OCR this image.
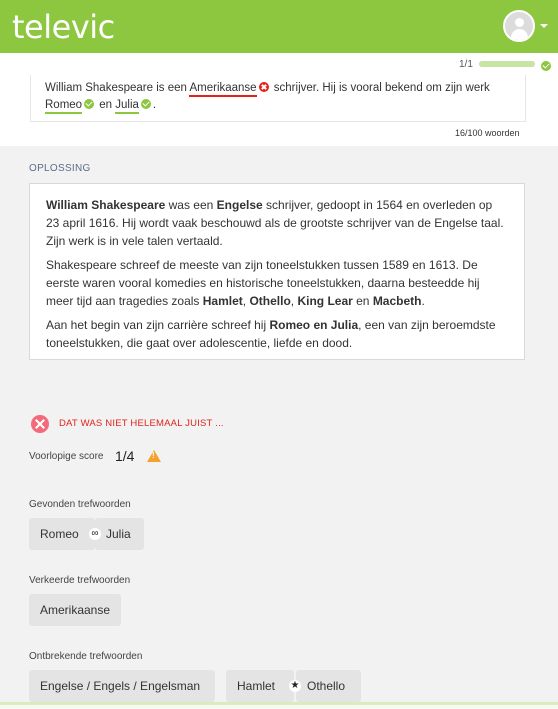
televic
1/1
William Shakespeare is een Amerikaanse schrijver. Hij is vooral bekend om zijn werk
Romeo en Julia .
16/100 woorden
OPLOSSING

William Shakespeare was een Engelse schrijver, gedoopt in 1564 en overleden op 23 april 1616. Hij wordt vaak beschouwd als de grootste schrijver van de Engelse taal. Zijn werk is in vele talen vertaald.

Shakespeare schreef de meeste van zijn toneelstukken tussen 1589 en 1613. De eerste waren vooral komedies en historische toneelstukken, daarna besteedde hij meer tijd aan tragedies zoals Hamlet, Othello, King Lear en Macbeth.

Aan het begin van zijn carrière schreef hij Romeo en Julia, een van zijn beroemdste toneelstukken, die gaat over adolescentie, liefde en dood.

DAT WAS NIET HELEMAAL JUIST ...
Voorlopige score 1/4
!
Gevonden trefwoorden
Romeo	Julia
∞
Verkeerde trefwoorden
Amerikaanse
Ontbrekende trefwoorden
Engelse / Engels / Engelsman	Hamlet	Othello
★
